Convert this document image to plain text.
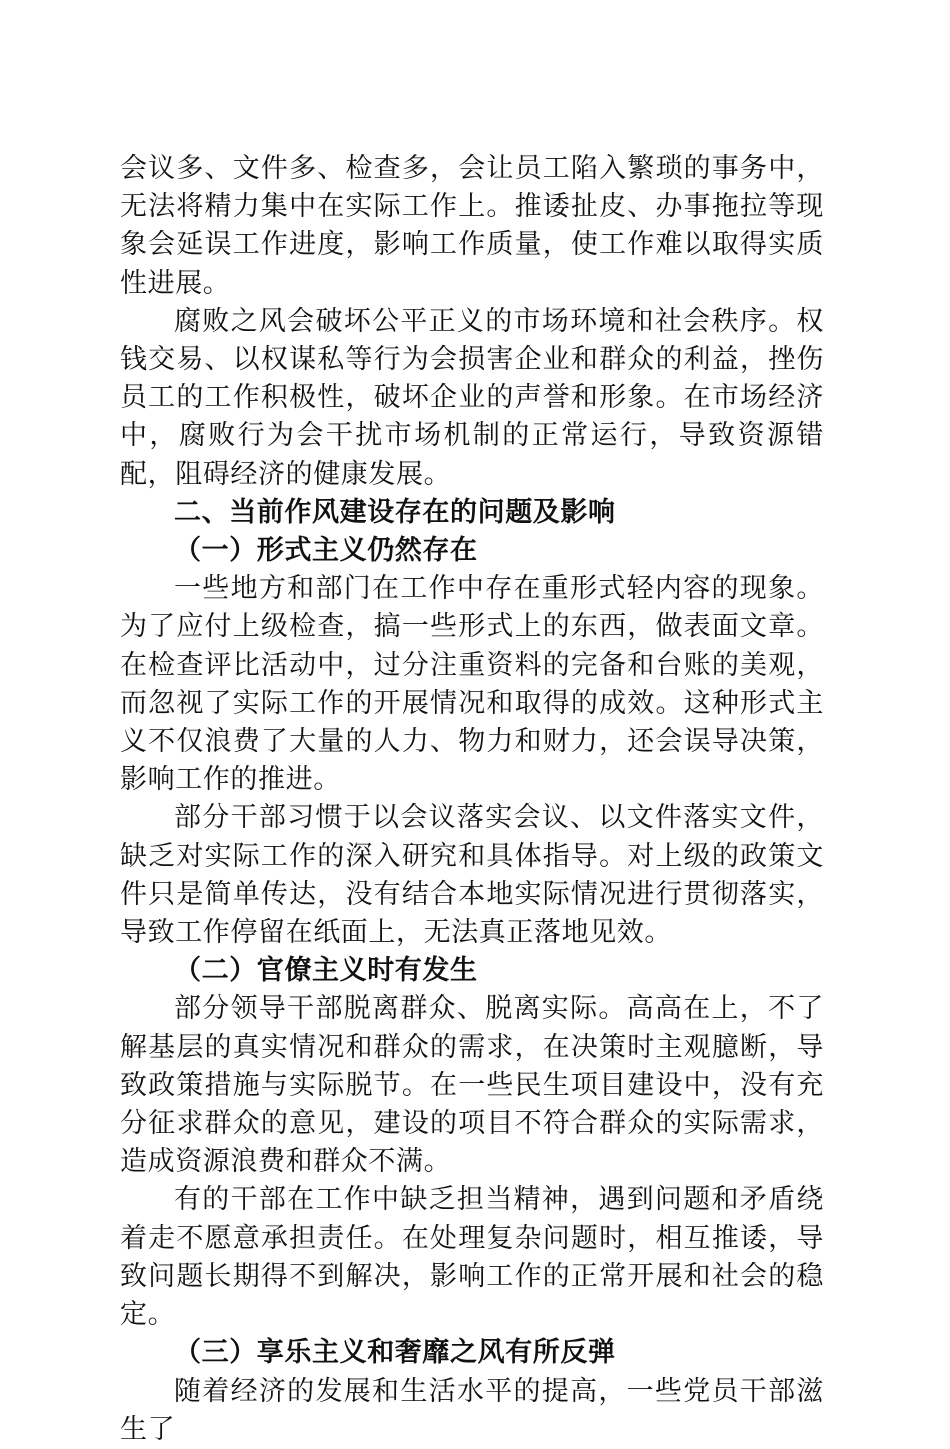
会议多、文件多、检查多，会让员工陷入繁琐的事务中，无法将精力集中在实际工作上。推诿扯皮、办事拖拉等现象会延误工作进度，影响工作质量，使工作难以取得实质性进展。

腐败之风会破坏公平正义的市场环境和社会秩序。权钱交易、以权谋私等行为会损害企业和群众的利益，挫伤员工的工作积极性，破坏企业的声誉和形象。在市场经济中，腐败行为会干扰市场机制的正常运行，导致资源错配，阻碍经济的健康发展。

二、当前作风建设存在的问题及影响

（一）形式主义仍然存在

一些地方和部门在工作中存在重形式轻内容的现象。为了应付上级检查，搞一些形式上的东西，做表面文章。在检查评比活动中，过分注重资料的完备和台账的美观，而忽视了实际工作的开展情况和取得的成效。这种形式主义不仅浪费了大量的人力、物力和财力，还会误导决策，影响工作的推进。

部分干部习惯于以会议落实会议、以文件落实文件，缺乏对实际工作的深入研究和具体指导。对上级的政策文件只是简单传达，没有结合本地实际情况进行贯彻落实，导致工作停留在纸面上，无法真正落地见效。

（二）官僚主义时有发生

部分领导干部脱离群众、脱离实际。高高在上，不了解基层的真实情况和群众的需求，在决策时主观臆断，导致政策措施与实际脱节。在一些民生项目建设中，没有充分征求群众的意见，建设的项目不符合群众的实际需求，造成资源浪费和群众不满。

有的干部在工作中缺乏担当精神，遇到问题和矛盾绕着走不愿意承担责任。在处理复杂问题时，相互推诿，导致问题长期得不到解决，影响工作的正常开展和社会的稳定。

（三）享乐主义和奢靡之风有所反弹

随着经济的发展和生活水平的提高，一些党员干部滋生了
